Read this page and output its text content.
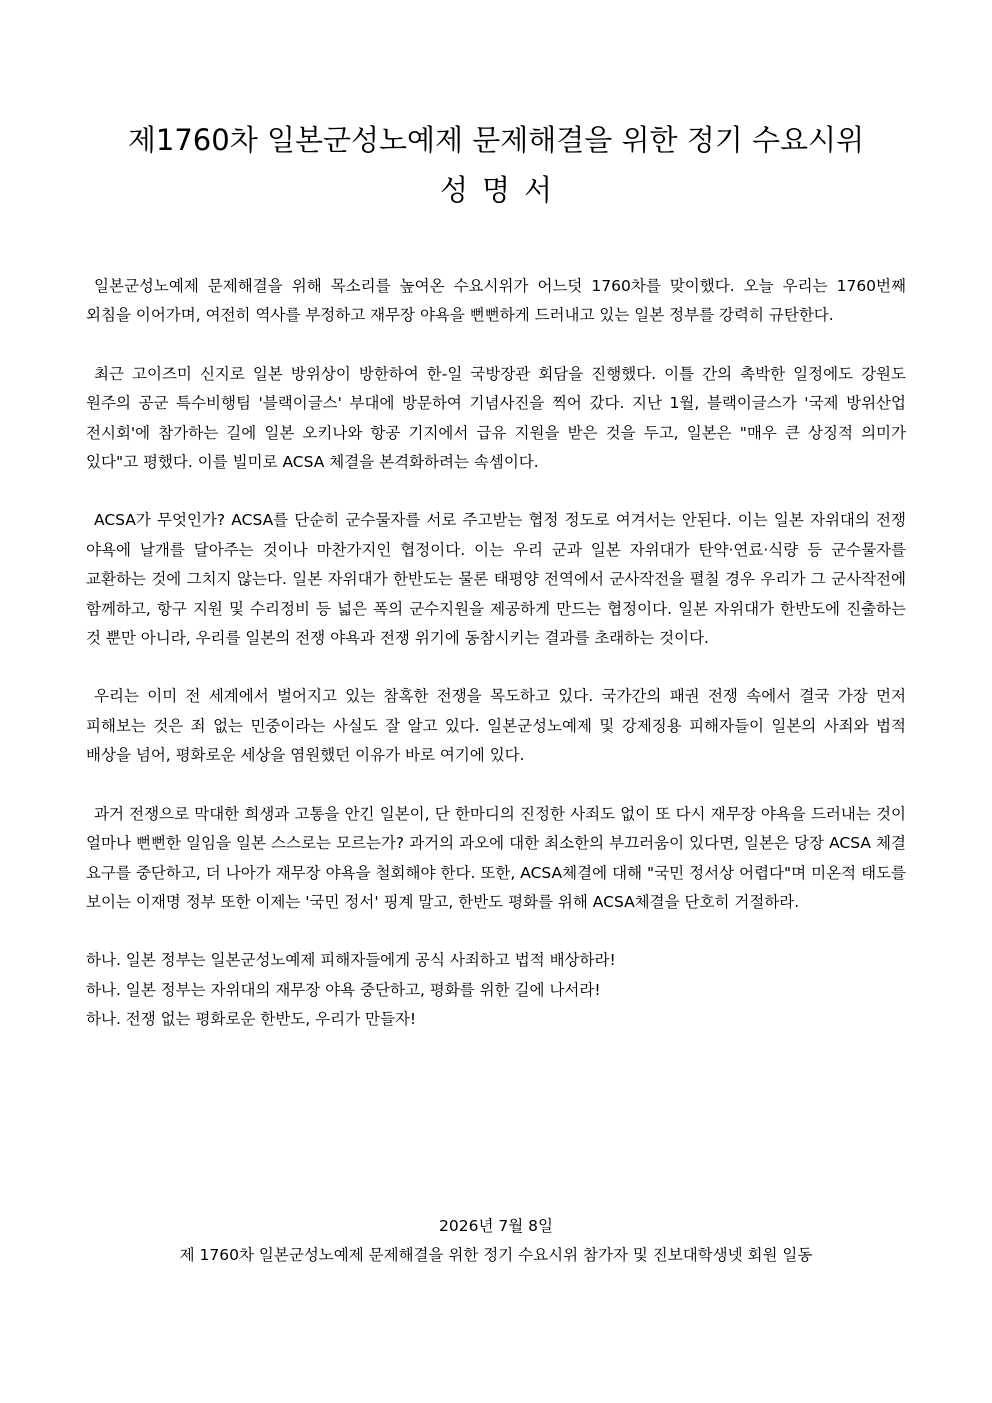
제1760차 일본군성노예제 문제해결을 위한 정기 수요시위
성명서

일본군성노예제 문제해결을 위해 목소리를 높여온 수요시위가 어느덧 1760차를 맞이했다. 오늘 우리는 1760번째 외침을 이어가며, 여전히 역사를 부정하고 재무장 야욕을 뻔뻔하게 드러내고 있는 일본 정부를 강력히 규탄한다.

최근 고이즈미 신지로 일본 방위상이 방한하여 한-일 국방장관 회담을 진행했다. 이틀 간의 촉박한 일정에도 강원도 원주의 공군 특수비행팀 '블랙이글스' 부대에 방문하여 기념사진을 찍어 갔다. 지난 1월, 블랙이글스가 '국제 방위산업 전시회'에 참가하는 길에 일본 오키나와 항공 기지에서 급유 지원을 받은 것을 두고, 일본은 "매우 큰 상징적 의미가 있다"고 평했다. 이를 빌미로 ACSA 체결을 본격화하려는 속셈이다.

ACSA가 무엇인가? ACSA를 단순히 군수물자를 서로 주고받는 협정 정도로 여겨서는 안된다. 이는 일본 자위대의 전쟁 야욕에 날개를 달아주는 것이나 마찬가지인 협정이다. 이는 우리 군과 일본 자위대가 탄약·연료·식량 등 군수물자를 교환하는 것에 그치지 않는다. 일본 자위대가 한반도는 물론 태평양 전역에서 군사작전을 펼칠 경우 우리가 그 군사작전에 함께하고, 항구 지원 및 수리정비 등 넓은 폭의 군수지원을 제공하게 만드는 협정이다. 일본 자위대가 한반도에 진출하는 것 뿐만 아니라, 우리를 일본의 전쟁 야욕과 전쟁 위기에 동참시키는 결과를 초래하는 것이다.

우리는 이미 전 세계에서 벌어지고 있는 참혹한 전쟁을 목도하고 있다. 국가간의 패권 전쟁 속에서 결국 가장 먼저 피해보는 것은 죄 없는 민중이라는 사실도 잘 알고 있다. 일본군성노예제 및 강제징용 피해자들이 일본의 사죄와 법적 배상을 넘어, 평화로운 세상을 염원했던 이유가 바로 여기에 있다.

과거 전쟁으로 막대한 희생과 고통을 안긴 일본이, 단 한마디의 진정한 사죄도 없이 또 다시 재무장 야욕을 드러내는 것이 얼마나 뻔뻔한 일임을 일본 스스로는 모르는가? 과거의 과오에 대한 최소한의 부끄러움이 있다면, 일본은 당장 ACSA 체결 요구를 중단하고, 더 나아가 재무장 야욕을 철회해야 한다. 또한, ACSA체결에 대해 "국민 정서상 어렵다"며 미온적 태도를 보이는 이재명 정부 또한 이제는 '국민 정서' 핑계 말고, 한반도 평화를 위해 ACSA체결을 단호히 거절하라.

하나. 일본 정부는 일본군성노예제 피해자들에게 공식 사죄하고 법적 배상하라!
하나. 일본 정부는 자위대의 재무장 야욕 중단하고, 평화를 위한 길에 나서라!
하나. 전쟁 없는 평화로운 한반도, 우리가 만들자!
2026년 7월 8일
제 1760차 일본군성노예제 문제해결을 위한 정기 수요시위 참가자 및 진보대학생넷 회원 일동
